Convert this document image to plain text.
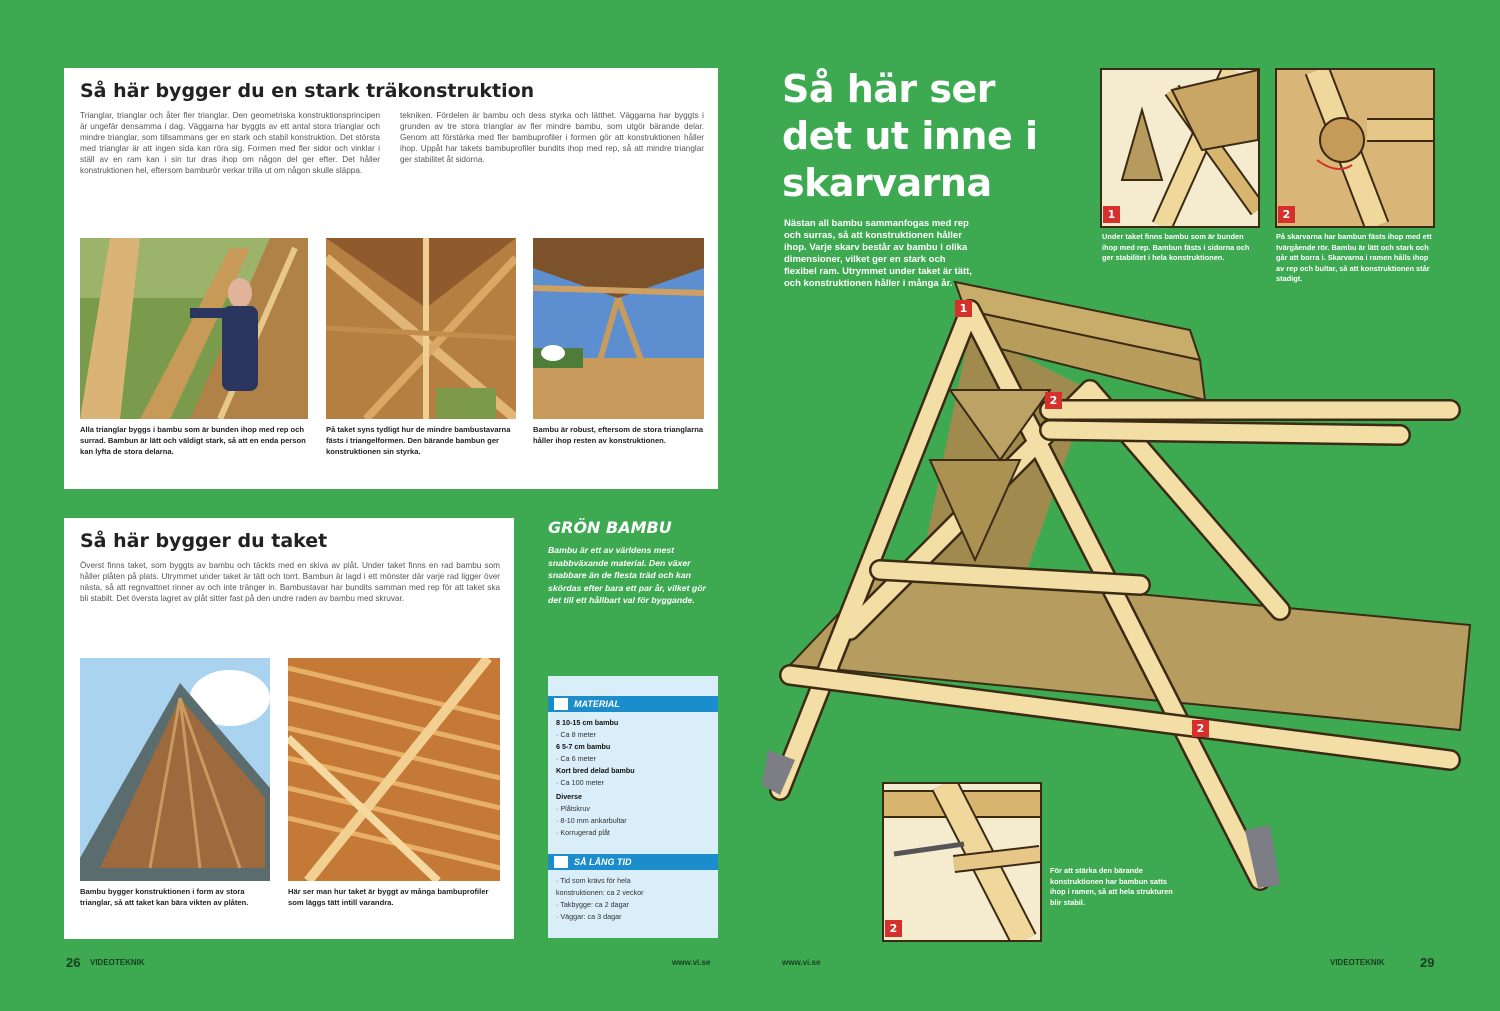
Så här bygger du en stark träkonstruktion
Trianglar, trianglar och åter fler trianglar. Den geometriska konstruktionsprincipen är ungefär densamma i dag. Väggarna har byggts av ett antal stora trianglar och mindre trianglar, som tillsammans ger en stark och stabil konstruktion. Det största med trianglar är att ingen sida kan röra sig. Formen med fler sidor och vinklar i ställ av en ram kan i sin tur dras ihop om någon del ger efter. Det håller konstruktionen hel, eftersom bamburör verkar trilla ut om någon skulle släppa.
tekniken. Fördelen är bambu och dess styrka och lätthet. Väggarna har byggts i grunden av tre stora trianglar av fler mindre bambu, som utgör bärande delar. Genom att förstärka med fler bambuprofiler i formen gör att konstruktionen håller ihop. Uppåt har takets bambuprofiler bundits ihop med rep, så att mindre trianglar ger stabilitet åt sidorna.
Alla trianglar byggs i bambu som är bunden ihop med rep och surrad. Bambun är lätt och väldigt stark, så att en enda person kan lyfta de stora delarna.
På taket syns tydligt hur de mindre bambustavarna fästs i triangelformen. Den bärande bambun ger konstruktionen sin styrka.
Bambu är robust, eftersom de stora trianglarna håller ihop resten av konstruktionen.
Så här bygger du taket
Överst finns taket, som byggts av bambu och täckts med en skiva av plåt. Under taket finns en rad bambu som håller plåten på plats. Utrymmet under taket är tätt och torrt. Bambun är lagd i ett mönster där varje rad ligger över nästa, så att regnvattnet rinner av och inte tränger in. Bambustavar har bundits samman med rep för att taket ska bli stabilt. Det översta lagret av plåt sitter fast på den undre raden av bambu med skruvar.
Bambu bygger konstruktionen i form av stora trianglar, så att taket kan bära vikten av plåten.
Här ser man hur taket är byggt av många bambuprofiler som läggs tätt intill varandra.
GRÖN BAMBU
Bambu är ett av världens mest snabbväxande material. Den växer snabbare än de flesta träd och kan skördas efter bara ett par år, vilket gör det till ett hållbart val för byggande.
MATERIAL
8 10-15 cm bambu
· Ca 8 meter
6 5-7 cm bambu
· Ca 6 meter
Kort bred delad bambu
· Ca 100 meter
Diverse
· Plåtskruv
· 8-10 mm ankarbultar
· Korrugerad plåt
SÅ LÅNG TID
· Tid som krävs för hela
konstruktionen: ca 2 veckor
· Takbygge: ca 2 dagar
· Väggar: ca 3 dagar
Så här ser
det ut inne i
skarvarna
Nästan all bambu sammanfogas med rep och surras, så att konstruktionen håller ihop. Varje skarv består av bambu i olika dimensioner, vilket ger en stark och flexibel ram. Utrymmet under taket är tätt, och konstruktionen håller i många år.
1	2
Under taket finns bambu som är bunden ihop med rep. Bambun fästs i sidorna och ger stabilitet i hela konstruktionen.
På skarvarna har bambun fästs ihop med ett tvärgående rör. Bambu är lätt och stark och går att borra i. Skarvarna i ramen hålls ihop av rep och bultar, så att konstruktionen står stadigt.
1
2
2
2
För att stärka den bärande konstruktionen har bambun satts ihop i ramen, så att hela strukturen blir stabil.
26 VIDEOTEKNIK	www.vi.se	www.vi.se	VIDEOTEKNIK	29
